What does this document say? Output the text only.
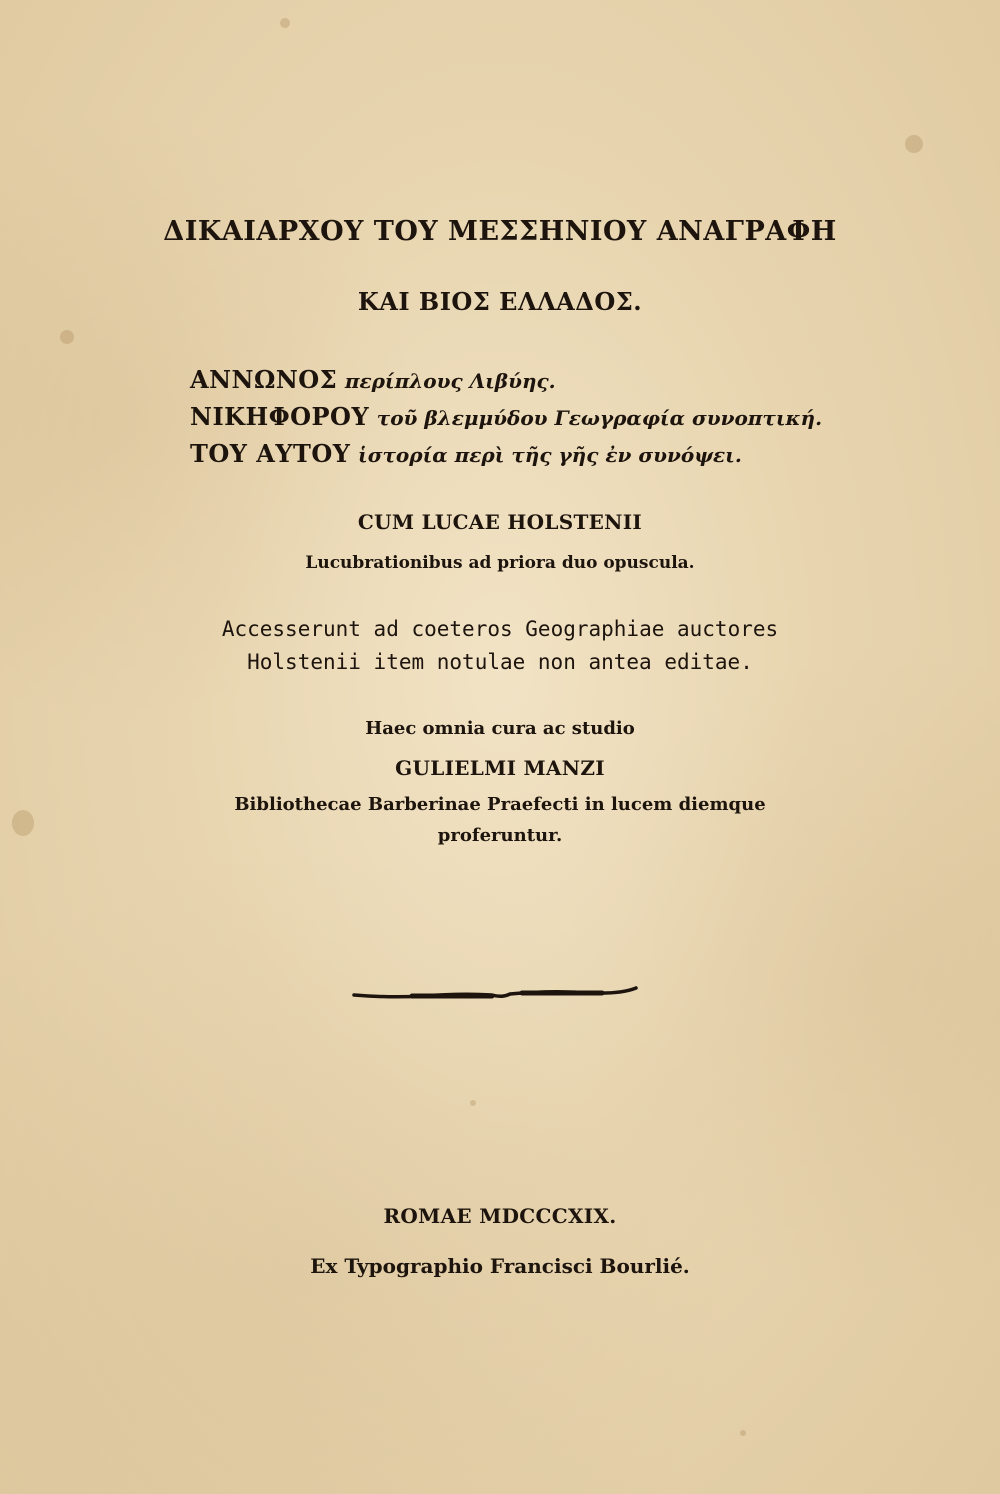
ΔΙΚΑΙΑΡΧΟΥ ΤΟΥ ΜΕΣΣΗΝΙΟΥ ΑΝΑΓΡΑΦΗ
ΚΑΙ ΒΙΟΣ ΕΛΛΑΔΟΣ.
ΑΝΝΩΝΟΣ περίπλους Λιβύης.
ΝΙΚΗΦΟΡΟΥ τοῦ βλεμμύδου Γεωγραφία συνοπτική.
ΤΟΥ ΑΥΤΟΥ ἱστορία περὶ τῆς γῆς ἐν συνόψει.
CUM LUCAE HOLSTENII
Lucubrationibus ad priora duo opuscula.
Accesserunt ad coeteros Geographiae auctores
Holstenii item notulae non antea editae.
Haec omnia cura ac studio
GULIELMI MANZI
Bibliothecae Barberinae Praefecti in lucem diemque
proferuntur.
ROMAE MDCCCXIX.
Ex Typographio Francisci Bourlié.
